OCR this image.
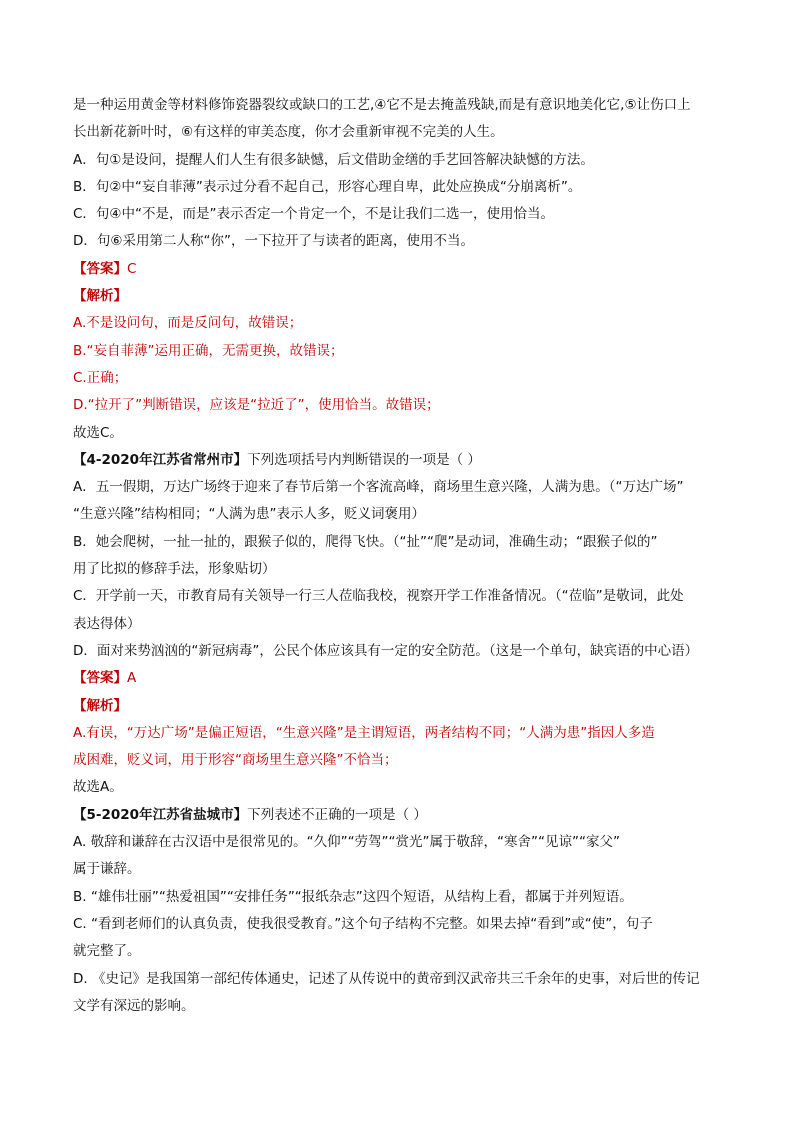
是一种运用黄金等材料修饰瓷器裂纹或缺口的工艺,④它不是去掩盖残缺,而是有意识地美化它,⑤让伤口上
长出新花新叶时，⑥有这样的审美态度，你才会重新审视不完美的人生。
A．句①是设问，提醒人们人生有很多缺憾，后文借助金缮的手艺回答解决缺憾的方法。
B．句②中“妄自菲薄”表示过分看不起自己，形容心理自卑，此处应换成“分崩离析”。
C．句④中“不是，而是”表示否定一个肯定一个，不是让我们二选一，使用恰当。
D．句⑥采用第二人称“你”，一下拉开了与读者的距离，使用不当。
【答案】C
【解析】
A.不是设问句，而是反问句，故错误；
B.“妄自菲薄”运用正确，无需更换，故错误；
C.正确；
D.“拉开了”判断错误，应该是“拉近了”，使用恰当。故错误；
故选C。
【4-2020年江苏省常州市】下列选项括号内判断错误的一项是（ ）
A．五一假期，万达广场终于迎来了春节后第一个客流高峰，商场里生意兴隆，人满为患。（“万达广场”
“生意兴隆”结构相同；“人满为患”表示人多，贬义词褒用）
B．她会爬树，一扯一扯的，跟猴子似的，爬得飞快。（“扯”“爬”是动词，准确生动；“跟猴子似的”
用了比拟的修辞手法，形象贴切）
C．开学前一天，市教育局有关领导一行三人莅临我校，视察开学工作准备情况。（“莅临”是敬词，此处
表达得体）
D．面对来势汹汹的“新冠病毒”，公民个体应该具有一定的安全防范。（这是一个单句，缺宾语的中心语）
【答案】A
【解析】
A.有误，“万达广场”是偏正短语，“生意兴隆”是主谓短语，两者结构不同；“人满为患”指因人多造
成困难，贬义词，用于形容“商场里生意兴隆”不恰当；
故选A。
【5-2020年江苏省盐城市】下列表述不正确的一项是（ ）
A. 敬辞和谦辞在古汉语中是很常见的。“久仰”“劳驾”“赏光”属于敬辞，“寒舍”“见谅”“家父”
属于谦辞。
B. “雄伟壮丽”“热爱祖国”“安排任务”“报纸杂志”这四个短语，从结构上看，都属于并列短语。
C. “看到老师们的认真负责，使我很受教育。”这个句子结构不完整。如果去掉“看到”或“使”，句子
就完整了。
D. 《史记》是我国第一部纪传体通史，记述了从传说中的黄帝到汉武帝共三千余年的史事，对后世的传记
文学有深远的影响。
